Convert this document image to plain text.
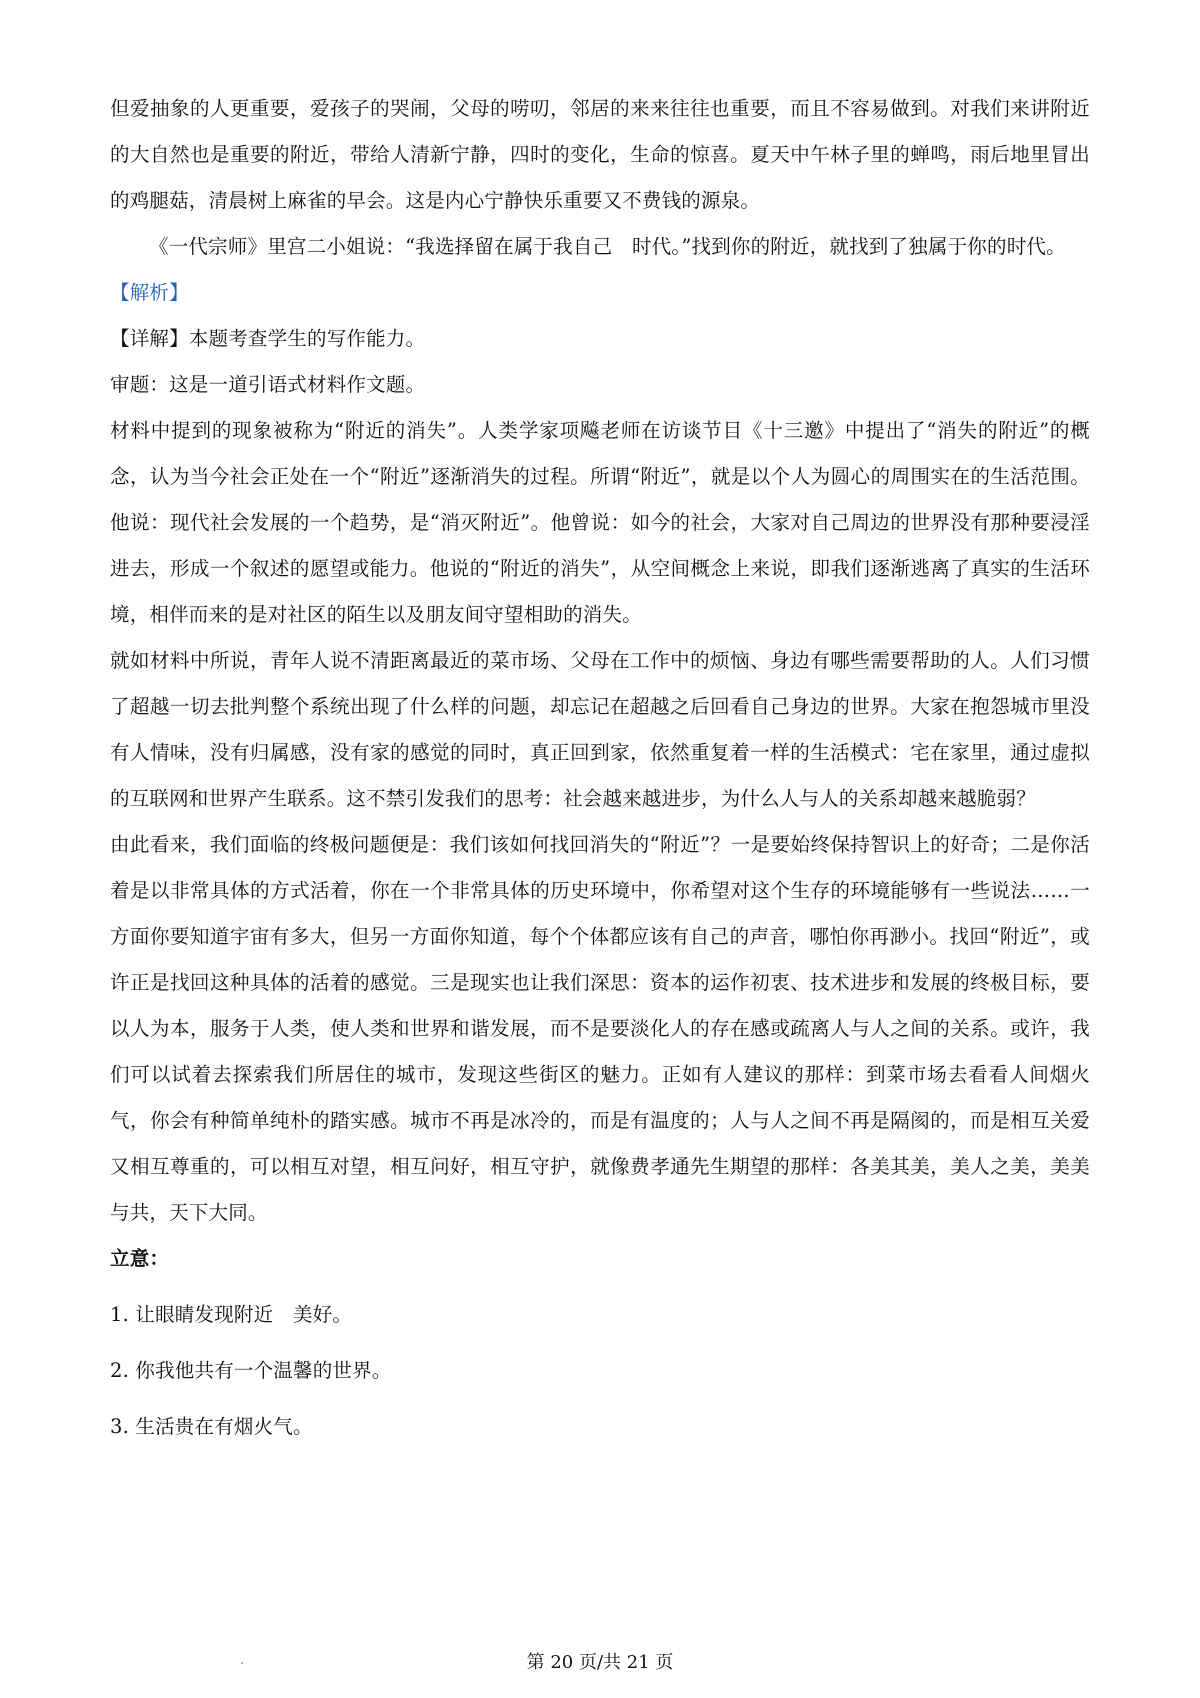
但爱抽象的人更重要，爱孩子的哭闹，父母的唠叨，邻居的来来往往也重要，而且不容易做到。对我们来讲附近的大自然也是重要的附近，带给人清新宁静，四时的变化，生命的惊喜。夏天中午林子里的蝉鸣，雨后地里冒出的鸡腿菇，清晨树上麻雀的早会。这是内心宁静快乐重要又不费钱的源泉。

《一代宗师》里宫二小姐说：“我选择留在属于我自己　时代。”找到你的附近，就找到了独属于你的时代。

【解析】

【详解】本题考查学生的写作能力。

审题：这是一道引语式材料作文题。

材料中提到的现象被称为“附近的消失”。人类学家项飚老师在访谈节目《十三邀》中提出了“消失的附近”的概念，认为当今社会正处在一个“附近”逐渐消失的过程。所谓“附近”，就是以个人为圆心的周围实在的生活范围。他说：现代社会发展的一个趋势，是“消灭附近”。他曾说：如今的社会，大家对自己周边的世界没有那种要浸淫进去，形成一个叙述的愿望或能力。他说的“附近的消失”，从空间概念上来说，即我们逐渐逃离了真实的生活环境，相伴而来的是对社区的陌生以及朋友间守望相助的消失。

就如材料中所说，青年人说不清距离最近的菜市场、父母在工作中的烦恼、身边有哪些需要帮助的人。人们习惯了超越一切去批判整个系统出现了什么样的问题，却忘记在超越之后回看自己身边的世界。大家在抱怨城市里没有人情味，没有归属感，没有家的感觉的同时，真正回到家，依然重复着一样的生活模式：宅在家里，通过虚拟的互联网和世界产生联系。这不禁引发我们的思考：社会越来越进步，为什么人与人的关系却越来越脆弱？

由此看来，我们面临的终极问题便是：我们该如何找回消失的“附近”？一是要始终保持智识上的好奇；二是你活着是以非常具体的方式活着，你在一个非常具体的历史环境中，你希望对这个生存的环境能够有一些说法……一方面你要知道宇宙有多大，但另一方面你知道，每个个体都应该有自己的声音，哪怕你再渺小。找回“附近”，或许正是找回这种具体的活着的感觉。三是现实也让我们深思：资本的运作初衷、技术进步和发展的终极目标，要以人为本，服务于人类，使人类和世界和谐发展，而不是要淡化人的存在感或疏离人与人之间的关系。或许，我们可以试着去探索我们所居住的城市，发现这些街区的魅力。正如有人建议的那样：到菜市场去看看人间烟火气，你会有种简单纯朴的踏实感。城市不再是冰冷的，而是有温度的；人与人之间不再是隔阂的，而是相互关爱又相互尊重的，可以相互对望，相互问好，相互守护，就像费孝通先生期望的那样：各美其美，美人之美，美美与共，天下大同。

立意：

1. 让眼睛发现附近　美好。

2. 你我他共有一个温馨的世界。

3. 生活贵在有烟火气。

第 20 页/共 21 页
